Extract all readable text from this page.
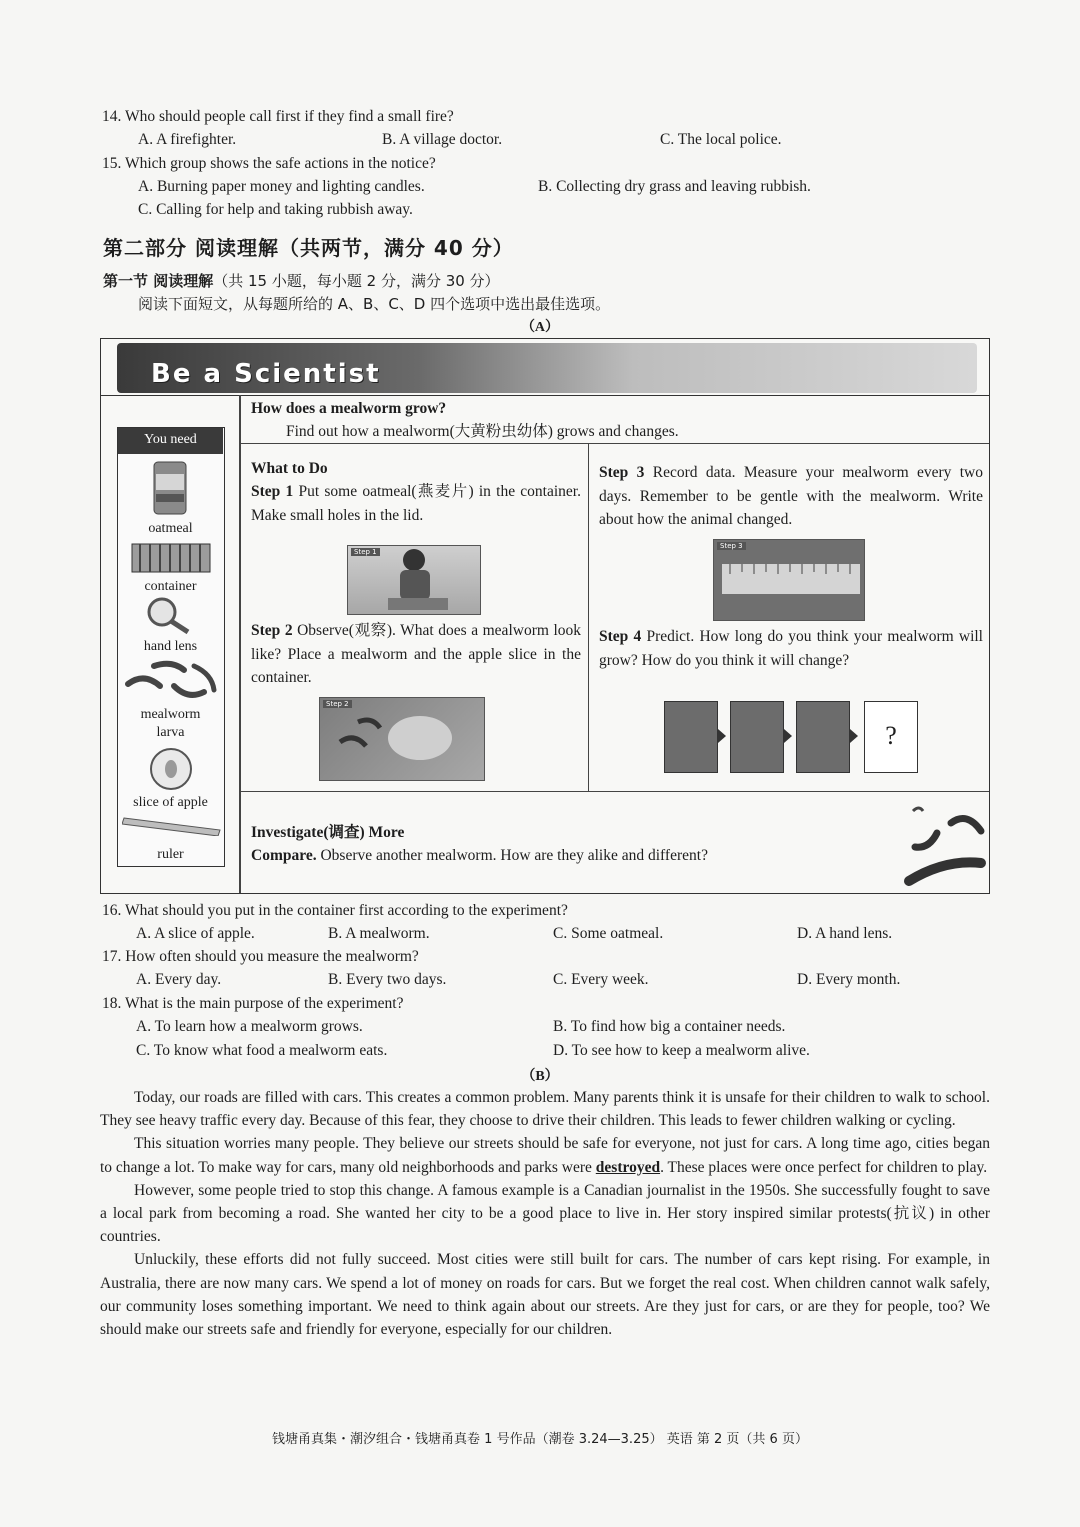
14. Who should people call first if they find a small fire?
A. A firefighter.	B. A village doctor.	C. The local police.
15. Which group shows the safe actions in the notice?
A. Burning paper money and lighting candles.	B. Collecting dry grass and leaving rubbish.
C. Calling for help and taking rubbish away.
第二部分 阅读理解（共两节，满分 40 分）
第一节 阅读理解（共 15 小题，每小题 2 分，满分 30 分）
阅读下面短文，从每题所给的 A、B、C、D 四个选项中选出最佳选项。
（A）
Be a Scientist
You need
oatmeal
container
hand lens
mealworm
larva
slice of apple
ruler
How does a mealworm grow?
Find out how a mealworm(大黄粉虫幼体) grows and changes.
What to Do
Step 1 Put some oatmeal(燕麦片) in the container. Make small holes in the lid.
Step 1
Step 2 Observe(观察). What does a mealworm look like? Place a mealworm and the apple slice in the container.
Step 2
Step 3 Record data. Measure your mealworm every two days. Remember to be gentle with the mealworm. Write about how the animal changed.
Step 3
Step 4 Predict. How long do you think your mealworm will grow? How do you think it will change?
?
Investigate(调查) More
Compare. Observe another mealworm. How are they alike and different?
16. What should you put in the container first according to the experiment?
A. A slice of apple.	B. A mealworm.	C. Some oatmeal.	D. A hand lens.
17. How often should you measure the mealworm?
A. Every day.	B. Every two days.	C. Every week.	D. Every month.
18. What is the main purpose of the experiment?
A. To learn how a mealworm grows.	B. To find how big a container needs.
C. To know what food a mealworm eats.	D. To see how to keep a mealworm alive.
（B）

Today, our roads are filled with cars. This creates a common problem. Many parents think it is unsafe for their children to walk to school. They see heavy traffic every day. Because of this fear, they choose to drive their children. This leads to fewer children walking or cycling.

This situation worries many people. They believe our streets should be safe for everyone, not just for cars. A long time ago, cities began to change a lot. To make way for cars, many old neighborhoods and parks were destroyed. These places were once perfect for children to play.

However, some people tried to stop this change. A famous example is a Canadian journalist in the 1950s. She successfully fought to save a local park from becoming a road. She wanted her city to be a good place to live in. Her story inspired similar protests(抗议) in other countries.

Unluckily, these efforts did not fully succeed. Most cities were still built for cars. The number of cars kept rising. For example, in Australia, there are now many cars. We spend a lot of money on roads for cars. But we forget the real cost. When children cannot walk safely, our community loses something important. We need to think again about our streets. Are they just for cars, or are they for people, too? We should make our streets safe and friendly for everyone, especially for our children.

钱塘甬真集・潮汐组合・钱塘甬真卷 1 号作品（潮卷 3.24—3.25） 英语 第 2 页（共 6 页）
